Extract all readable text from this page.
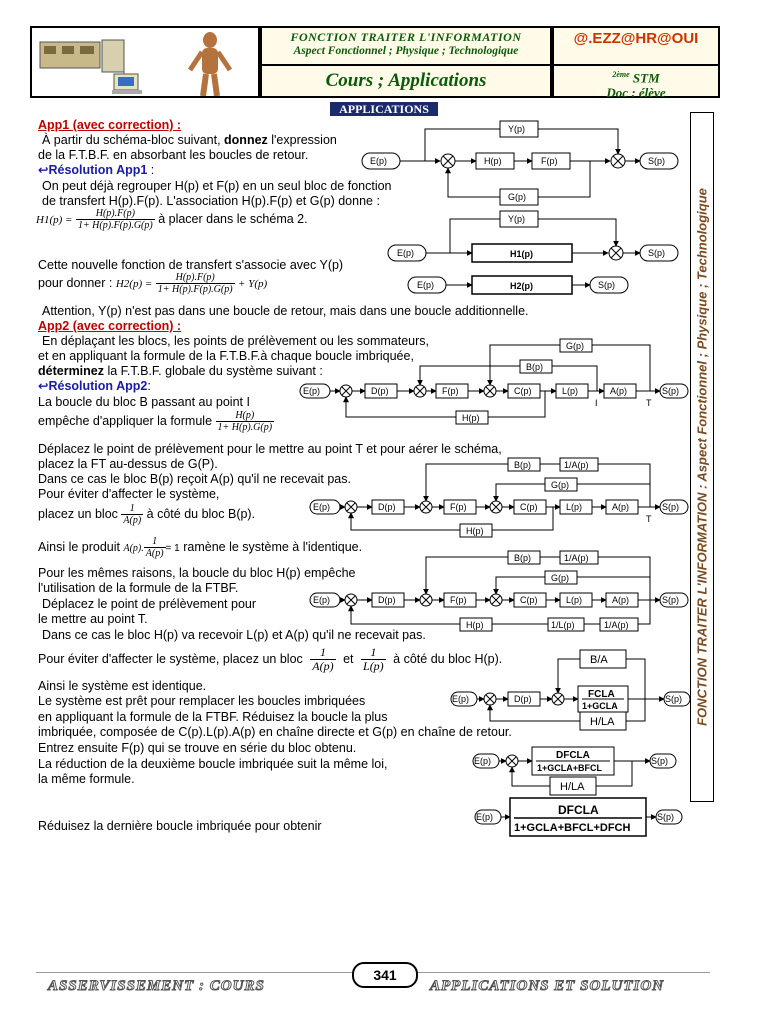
FONCTION TRAITER L'INFORMATION
Aspect Fonctionnel ; Physique ; Technologique
Cours ; Applications
@.EZZ@HR@OUI
$^{2ème}$ STM
Doc : élève
APPLICATIONS
FONCTION TRAITER L'INFORMATION : Aspect Fonctionnel ; Physique ; Technologique
App1 (avec correction) :
À partir du schéma-bloc suivant, donnez l'expression
de la F.T.B.F. en absorbant les boucles de retour.
↩Résolution App1 :
On peut déjà regrouper H(p) et F(p) en un seul bloc de fonction
de transfert H(p).F(p). L'association H(p).F(p) et G(p) donne :
$H1(p) = \frac{H(p).F(p)}{1+ H(p).F(p).G(p)}$ à placer dans le schéma 2.
Cette nouvelle fonction de transfert s'associe avec Y(p)
pour donner : $H2(p) = \frac{H(p).F(p)}{1+ H(p).F(p).G(p)} + Y(p)$
Attention, Y(p) n'est pas dans une boucle de retour, mais dans une boucle additionnelle.
App2 (avec correction) :
En déplaçant les blocs, les points de prélèvement ou les sommateurs,
et en appliquant la formule de la F.T.B.F.à chaque boucle imbriquée,
déterminez la F.T.B.F. globale du système suivant :
↩Résolution App2:
La boucle du bloc B passant au point I
empêche d'appliquer la formule $\frac{H(p)}{1+ H(p).G(p)}$
Déplacez le point de prélèvement pour le mettre au point T et pour aérer le schéma,
placez la FT au-dessus de G(P).
Dans ce cas le bloc B(p) reçoit A(p) qu'il ne recevait pas.
Pour éviter d'affecter le système,
placez un bloc $\frac{1}{A(p)}$ à côté du bloc B(p).
Ainsi le produit A(p). $\frac{1}{A(p)} = 1$ ramène le système à l'identique.
Pour les mêmes raisons, la boucle du bloc H(p) empêche
l'utilisation de la formule de la FTBF.
Déplacez le point de prélèvement pour
le mettre au point T.
Dans ce cas le bloc H(p) va recevoir L(p) et A(p) qu'il ne recevait pas.
Pour éviter d'affecter le système, placez un bloc $\frac{1}{A(p)}$ et $\frac{1}{L(p)}$ à côté du bloc H(p).
Ainsi le système est identique.
Le système est prêt pour remplacer les boucles imbriquées
en appliquant la formule de la FTBF. Réduisez la boucle la plus
imbriquée, composée de C(p).L(p).A(p) en chaîne directe et G(p) en chaîne de retour.
Entrez ensuite F(p) qui se trouve en série du bloc obtenu.
La réduction de la deuxième boucle imbriquée suit la même loi,
la même formule.
Réduisez la dernière boucle imbriquée pour obtenir
E(p)	H(p)	F(p)	S(p)
Y(p)
G(p)
E(p)	H1(p)	S(p)
Y(p)
E(p)	H2(p)	S(p)
E(p)	D(p)	F(p)	C(p)	L(p)	A(p)	S(p)
G(p)
B(p)
I
H(p)
T
E(p)	D(p)	F(p)	C(p)	L(p)	A(p)	S(p)
B(p)	1/A(p)
G(p)
H(p)
T
E(p)	D(p)	F(p)	C(p)	L(p)	A(p)	S(p)
B(p)	1/A(p)
G(p)
H(p)	1/L(p)	1/A(p)
E(p)	D(p)	FCLA
1+GCLA
S(p)
B/A
H/LA
E(p)	DFCLA
1+GCLA+BFCL
S(p)
H/LA
E(p)	DFCLA
1+GCLA+BFCL+DFCH
S(p)
ASSERVISSEMENT : COURS
341
APPLICATIONS ET SOLUTION
